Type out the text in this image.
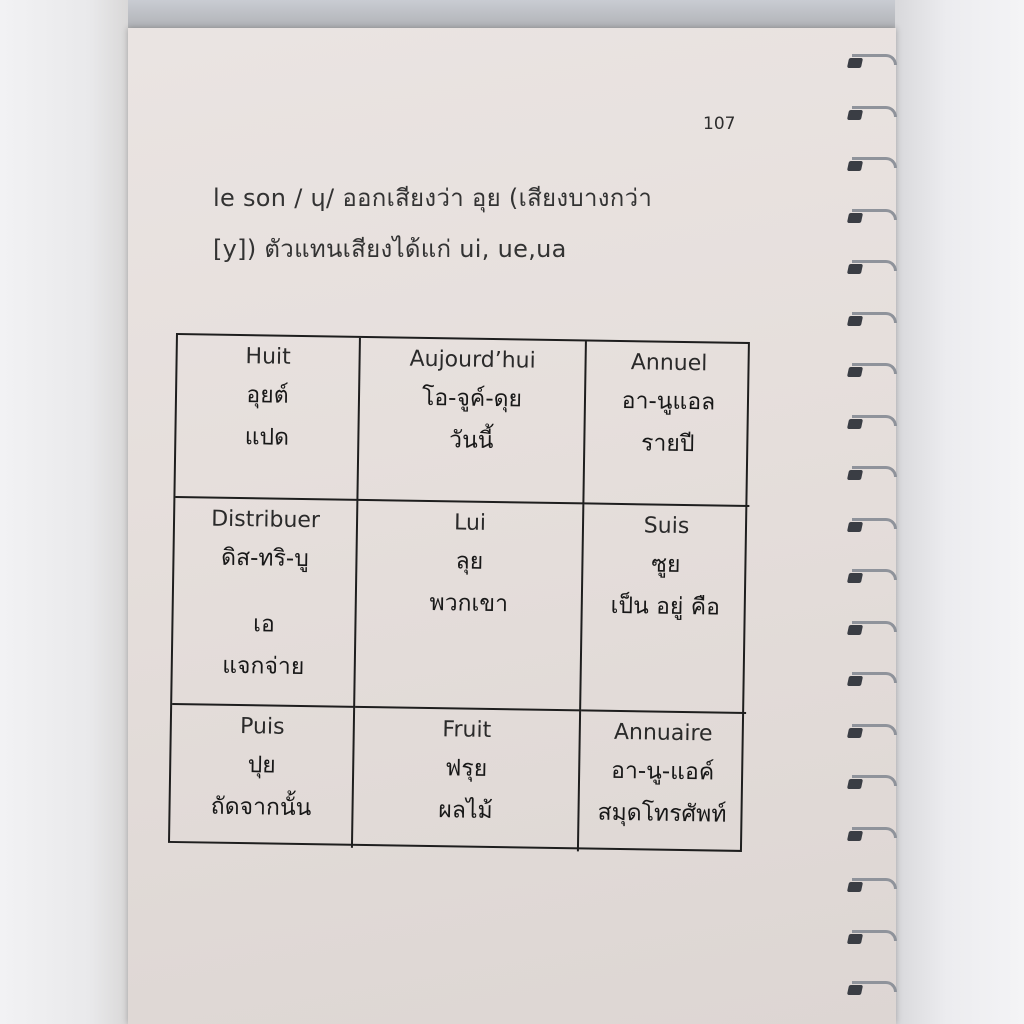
107
le son / ɥ/ ออกเสียงว่า อุย (เสียงบางกว่า
[y]) ตัวแทนเสียงได้แก่ ui, ue,ua
Huit
อุยต์
แปด
Aujourd’hui
โอ-จูค์-ดุย
วันนี้
Annuel
อา-นูแอล
รายปี
Distribuer
ดิส-ทริ-บู
เอ
แจกจ่าย
Lui
ลุย
พวกเขา
Suis
ซูย
เป็น อยู่ คือ
Puis
ปุย
ถัดจากนั้น
Fruit
ฟรุย
ผลไม้
Annuaire
อา-นู-แอค์
สมุดโทรศัพท์
